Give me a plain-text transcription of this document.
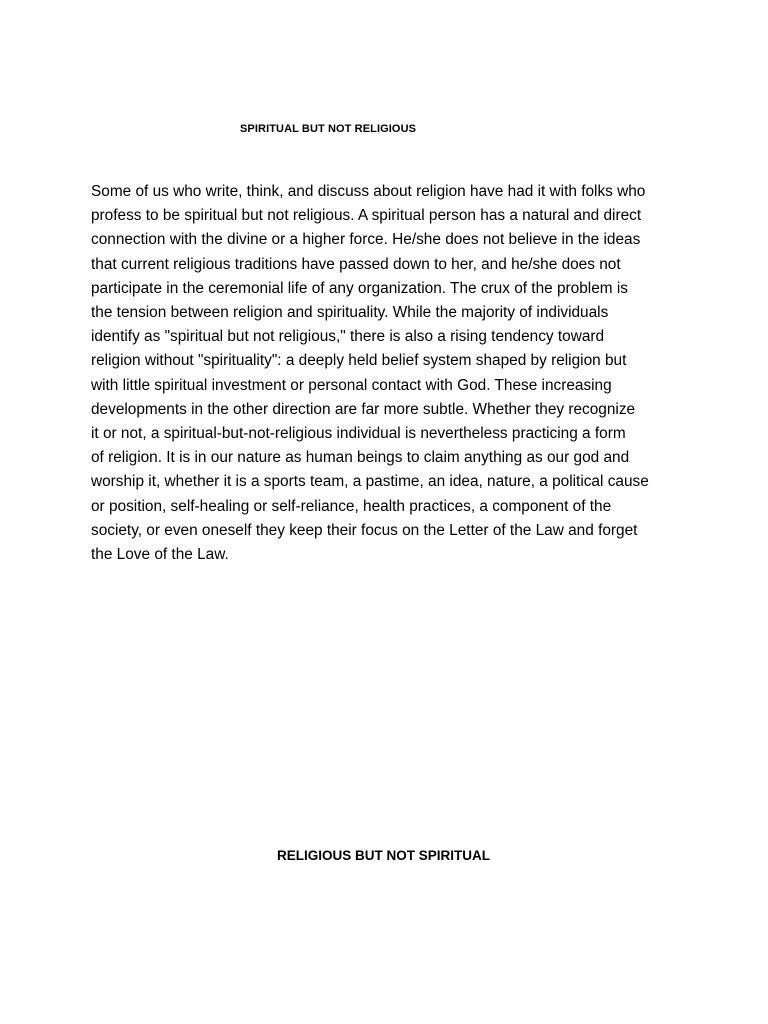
SPIRITUAL BUT NOT RELIGIOUS
Some of us who write, think, and discuss about religion have had it with folks who
profess to be spiritual but not religious. A spiritual person has a natural and direct
connection with the divine or a higher force. He/she does not believe in the ideas
that current religious traditions have passed down to her, and he/she does not
participate in the ceremonial life of any organization. The crux of the problem is
the tension between religion and spirituality. While the majority of individuals
identify as "spiritual but not religious," there is also a rising tendency toward
religion without "spirituality": a deeply held belief system shaped by religion but
with little spiritual investment or personal contact with God. These increasing
developments in the other direction are far more subtle. Whether they recognize
it or not, a spiritual-but-not-religious individual is nevertheless practicing a form
of religion. It is in our nature as human beings to claim anything as our god and
worship it, whether it is a sports team, a pastime, an idea, nature, a political cause
or position, self-healing or self-reliance, health practices, a component of the
society, or even oneself they keep their focus on the Letter of the Law and forget
the Love of the Law.
RELIGIOUS BUT NOT SPIRITUAL
